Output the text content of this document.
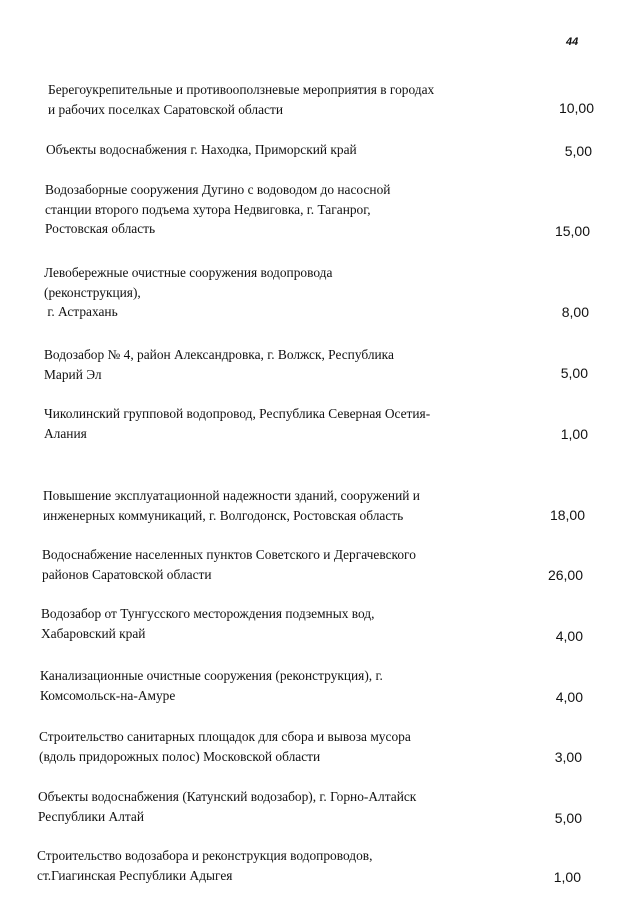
44

Берегоукрепительные и противооползневые мероприятия в городах
и рабочих поселках Саратовской области	10,00

Объекты водоснабжения г. Находка, Приморский край	5,00

Водозаборные сооружения Дугино с водоводом до насосной
станции второго подъема хутора Недвиговка, г. Таганрог,
Ростовская область	15,00

Левобережные очистные сооружения водопровода
(реконструкция),
г. Астрахань	8,00

Водозабор № 4, район Александровка, г. Волжск, Республика
Марий Эл	5,00

Чиколинский групповой водопровод, Республика Северная Осетия-
Алания	1,00

Повышение эксплуатационной надежности зданий, сооружений и
инженерных коммуникаций, г. Волгодонск, Ростовская область	18,00

Водоснабжение населенных пунктов Советского и Дергачевского
районов Саратовской области	26,00

Водозабор от Тунгусского месторождения подземных вод,
Хабаровский край	4,00

Канализационные очистные сооружения (реконструкция), г.
Комсомольск-на-Амуре	4,00

Строительство санитарных площадок для сбора и вывоза мусора
(вдоль придорожных полос) Московской области	3,00

Объекты водоснабжения (Катунский водозабор), г. Горно-Алтайск
Республики Алтай	5,00

Строительство водозабора и реконструкция водопроводов,
ст.Гиагинская Республики Адыгея	1,00
